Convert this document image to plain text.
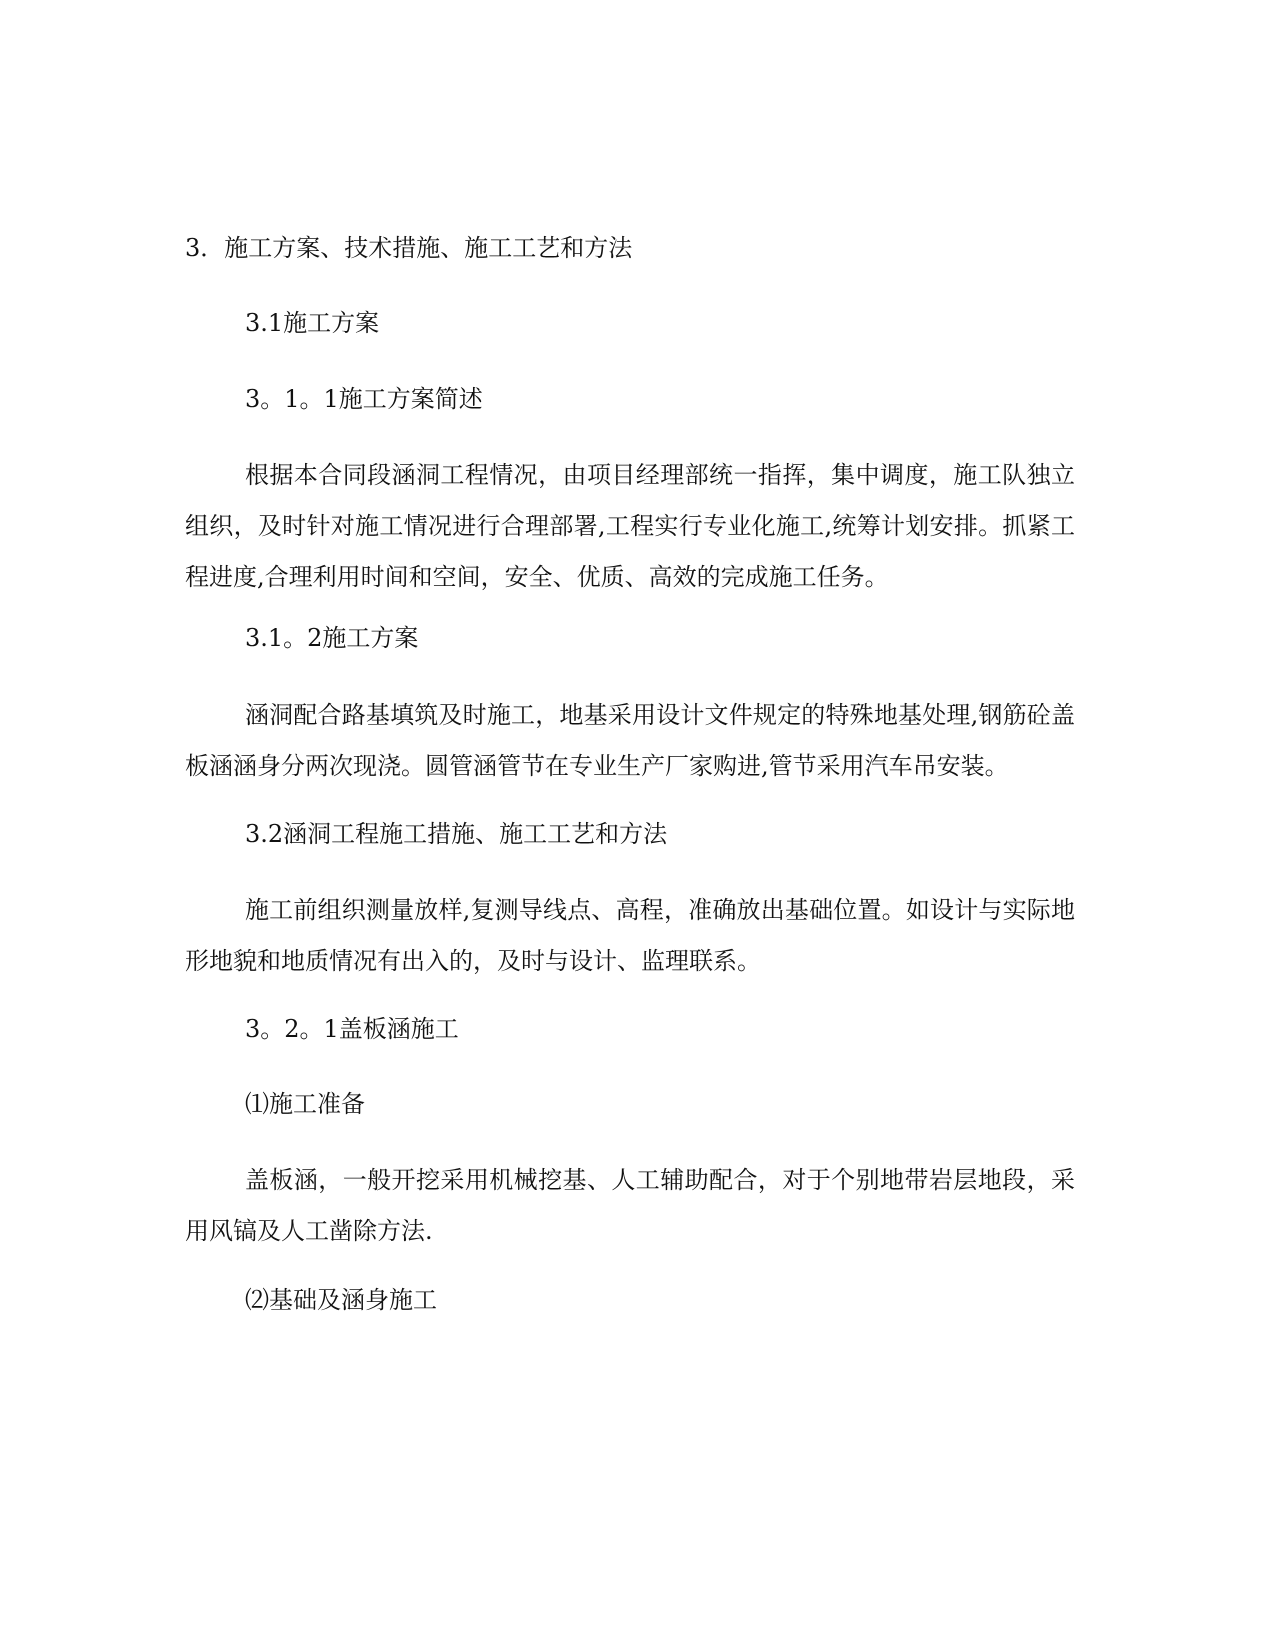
3．施工方案、技术措施、施工工艺和方法
3.1施工方案
3。1。1施工方案简述
根据本合同段涵洞工程情况，由项目经理部统一指挥，集中调度，施工队独立组织，及时针对施工情况进行合理部署,工程实行专业化施工,统筹计划安排。抓紧工程进度,合理利用时间和空间，安全、优质、高效的完成施工任务。
3.1。2施工方案
涵洞配合路基填筑及时施工，地基采用设计文件规定的特殊地基处理,钢筋砼盖板涵涵身分两次现浇。圆管涵管节在专业生产厂家购进,管节采用汽车吊安装。
3.2涵洞工程施工措施、施工工艺和方法
施工前组织测量放样,复测导线点、高程，准确放出基础位置。如设计与实际地形地貌和地质情况有出入的，及时与设计、监理联系。
3。2。1盖板涵施工
⑴施工准备
盖板涵，一般开挖采用机械挖基、人工辅助配合，对于个别地带岩层地段，采用风镐及人工凿除方法.
⑵基础及涵身施工
